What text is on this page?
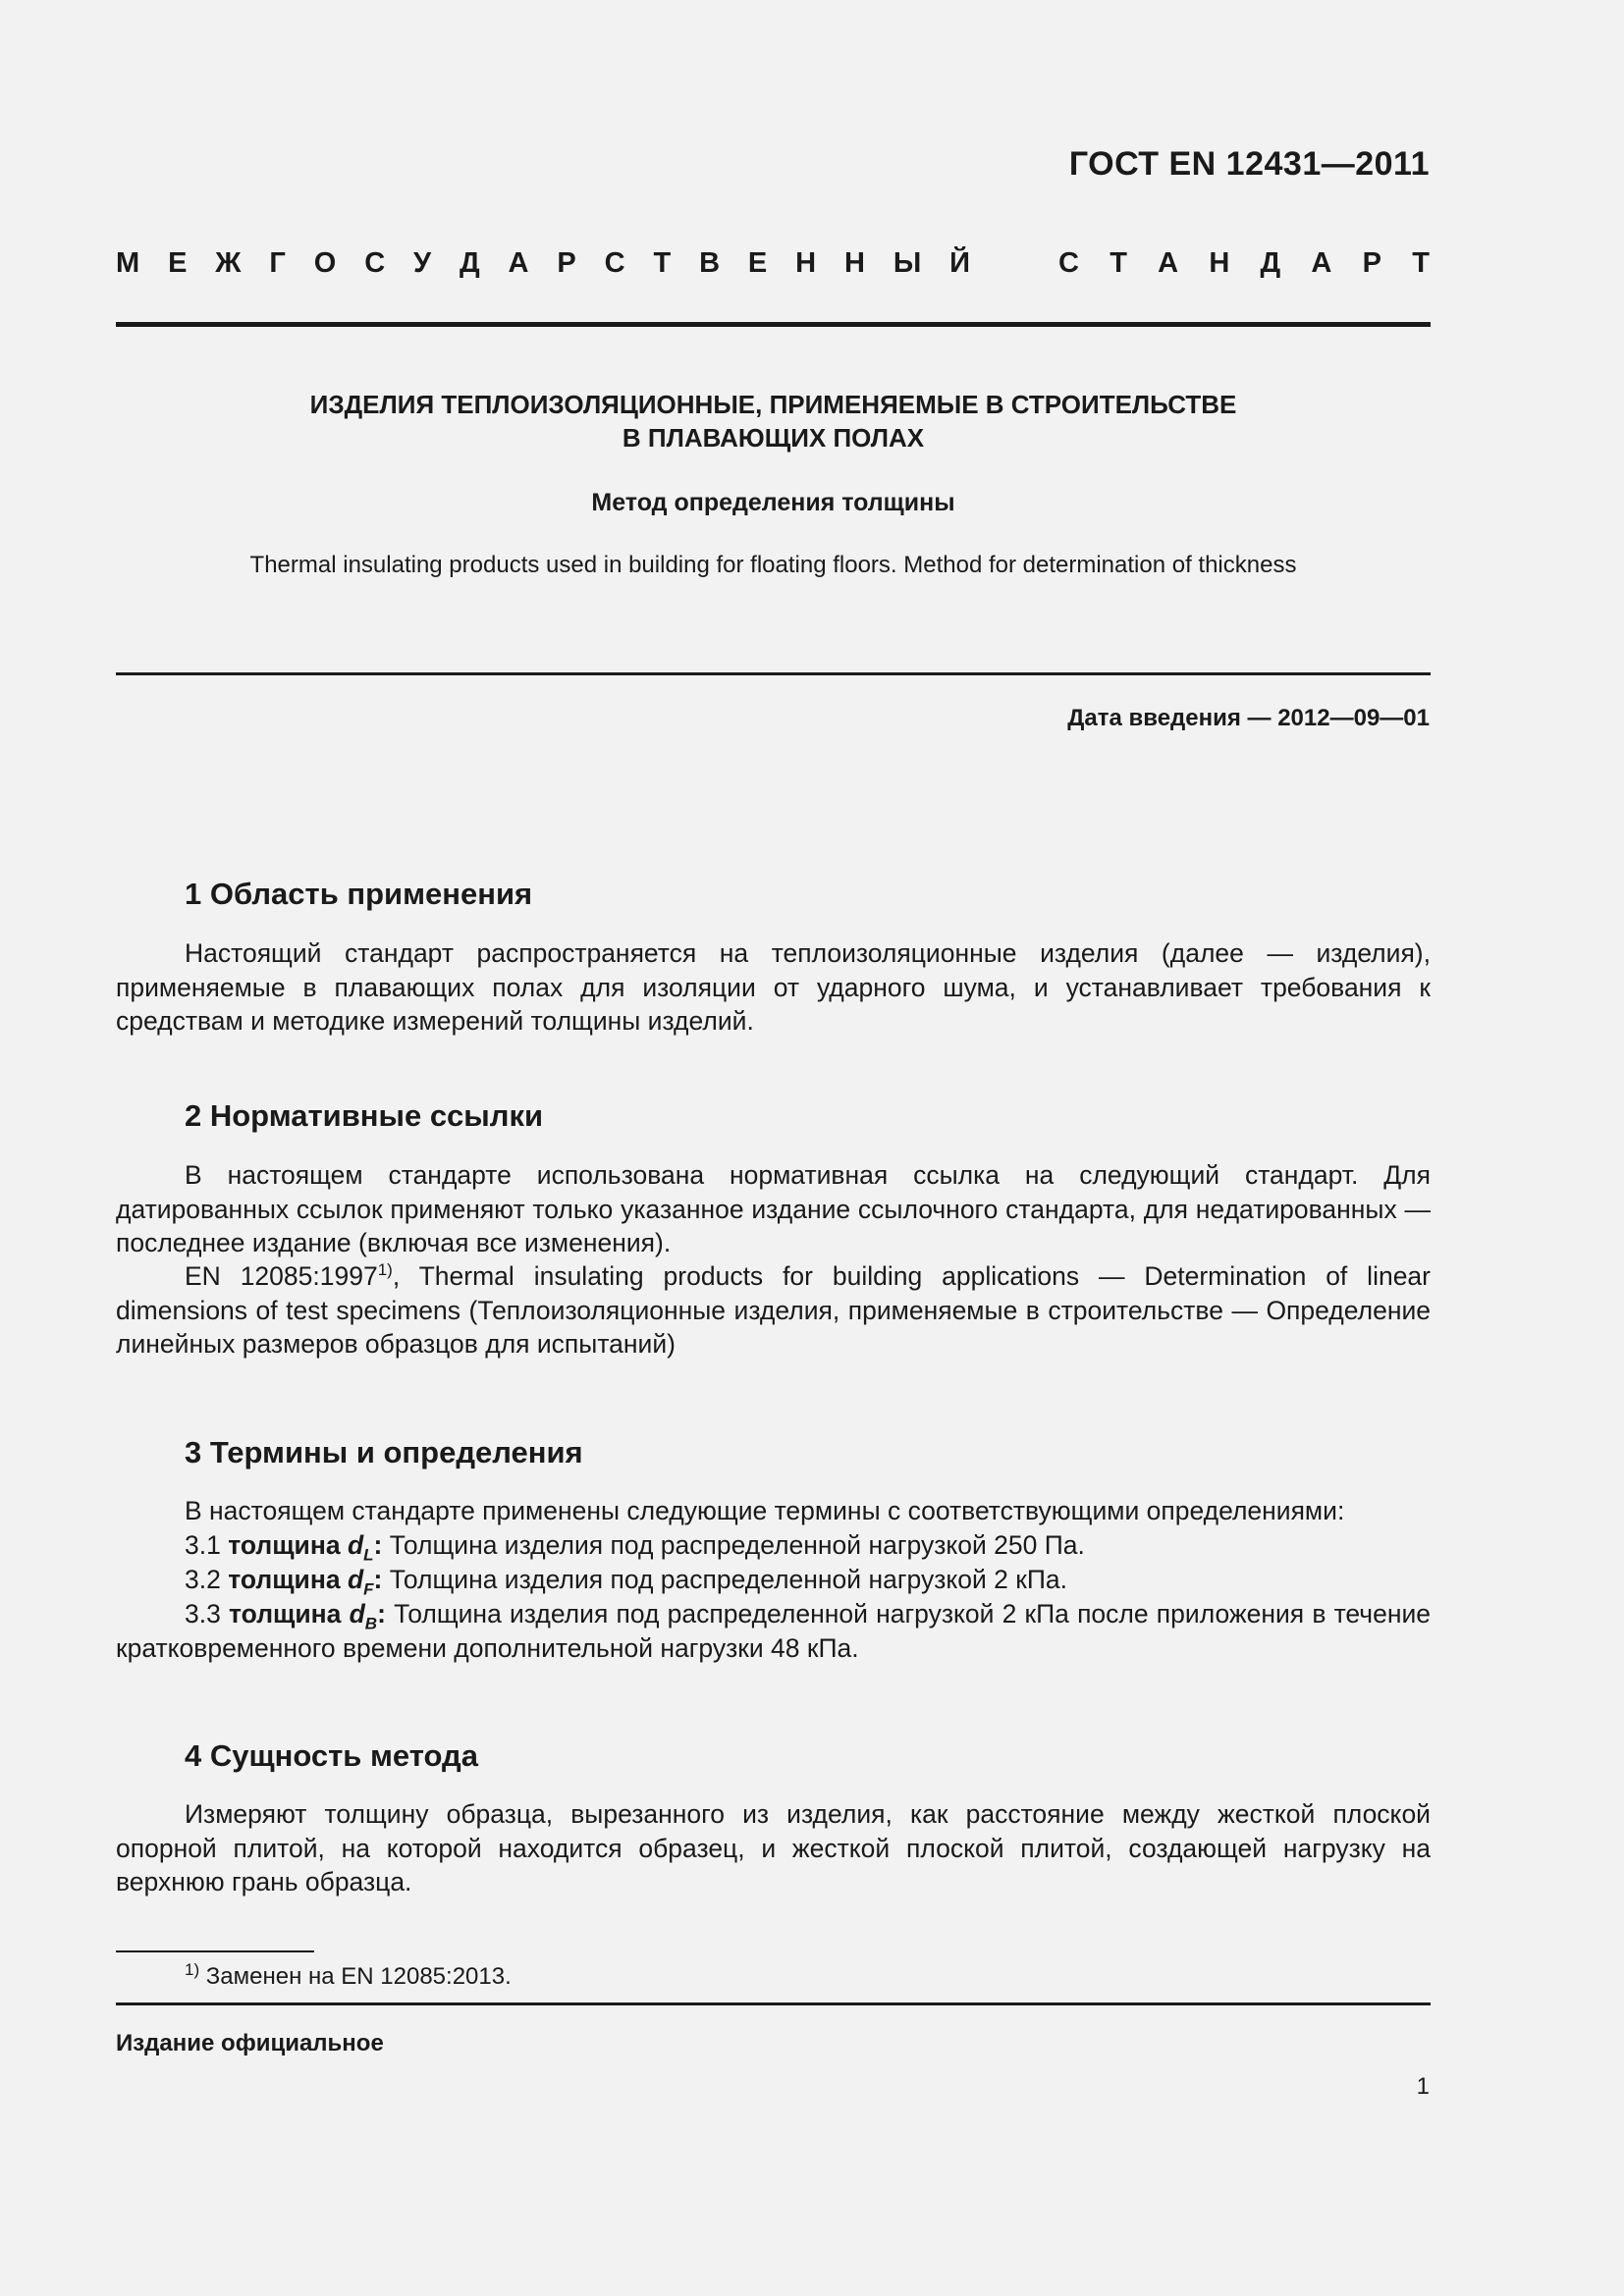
ГОСТ EN 12431—2011
М Е Ж Г О С У Д А Р С Т В Е Н Н Ы Й	С Т А Н Д А Р Т
ИЗДЕЛИЯ ТЕПЛОИЗОЛЯЦИОННЫЕ, ПРИМЕНЯЕМЫЕ В СТРОИТЕЛЬСТВЕ
В ПЛАВАЮЩИХ ПОЛАХ
Метод определения толщины
Thermal insulating products used in building for floating floors. Method for determination of thickness
Дата введения — 2012—09—01
1 Область применения
Настоящий стандарт распространяется на теплоизоляционные изделия (далее — изделия), применяемые в плавающих полах для изоляции от ударного шума, и устанавливает требования к средствам и методике измерений толщины изделий.
2 Нормативные ссылки
В настоящем стандарте использована нормативная ссылка на следующий стандарт. Для датированных ссылок применяют только указанное издание ссылочного стандарта, для недатированных — последнее издание (включая все изменения).
EN 12085:1997$^{1)}$, Thermal insulating products for building applications — Determination of linear dimensions of test specimens (Теплоизоляционные изделия, применяемые в строительстве — Определение линейных размеров образцов для испытаний)
3 Термины и определения
В настоящем стандарте применены следующие термины с соответствующими определениями:
3.1 толщина $d_L$: Толщина изделия под распределенной нагрузкой 250 Па.
3.2 толщина $d_F$: Толщина изделия под распределенной нагрузкой 2 кПа.
3.3 толщина $d_B$: Толщина изделия под распределенной нагрузкой 2 кПа после приложения в течение кратковременного времени дополнительной нагрузки 48 кПа.
4 Сущность метода
Измеряют толщину образца, вырезанного из изделия, как расстояние между жесткой плоской опорной плитой, на которой находится образец, и жесткой плоской плитой, создающей нагрузку на верхнюю грань образца.
$^{1)}$ Заменен на EN 12085:2013.
Издание официальное
1
